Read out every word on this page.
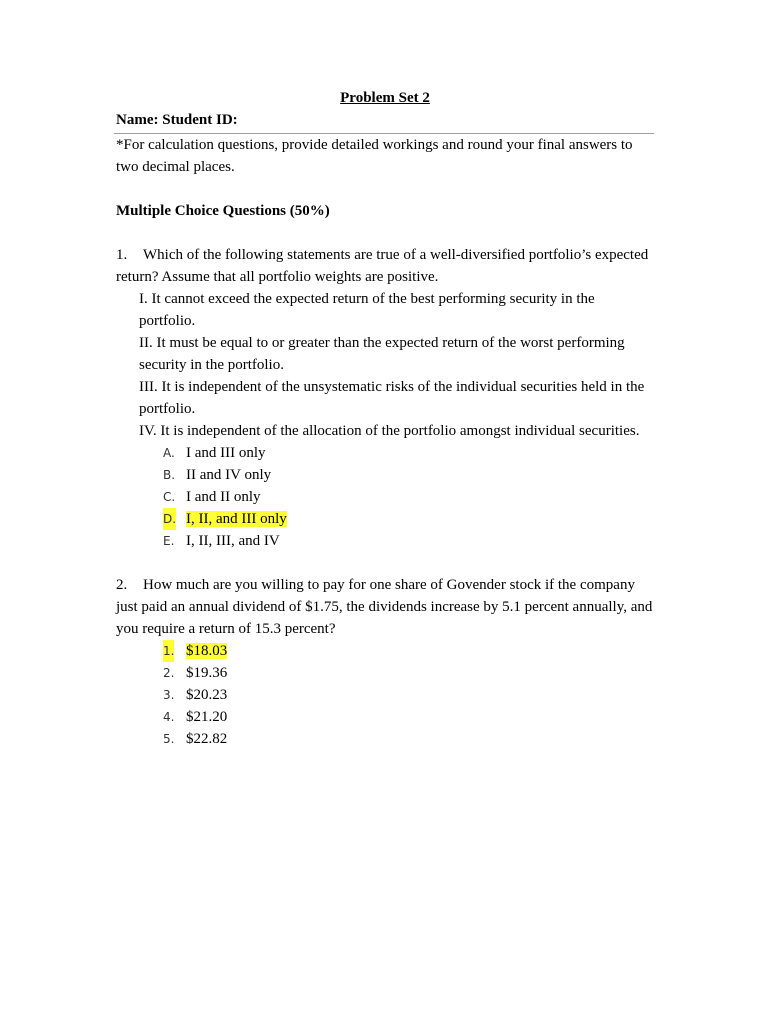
Problem Set 2

Name: Student ID:

*For calculation questions, provide detailed workings and round your final answers to two decimal places.

Multiple Choice Questions (50%)

1. Which of the following statements are true of a well-diversified portfolio’s expected return? Assume that all portfolio weights are positive.

I. It cannot exceed the expected return of the best performing security in the portfolio.

II. It must be equal to or greater than the expected return of the worst performing security in the portfolio.

III. It is independent of the unsystematic risks of the individual securities held in the portfolio.

IV. It is independent of the allocation of the portfolio amongst individual securities.

A. I and III only
B. II and IV only
C. I and II only
D. I, II, and III only
E. I, II, III, and IV

2. How much are you willing to pay for one share of Govender stock if the company just paid an annual dividend of $1.75, the dividends increase by 5.1 percent annually, and you require a return of 15.3 percent?

1. $18.03
2. $19.36
3. $20.23
4. $21.20
5. $22.82
